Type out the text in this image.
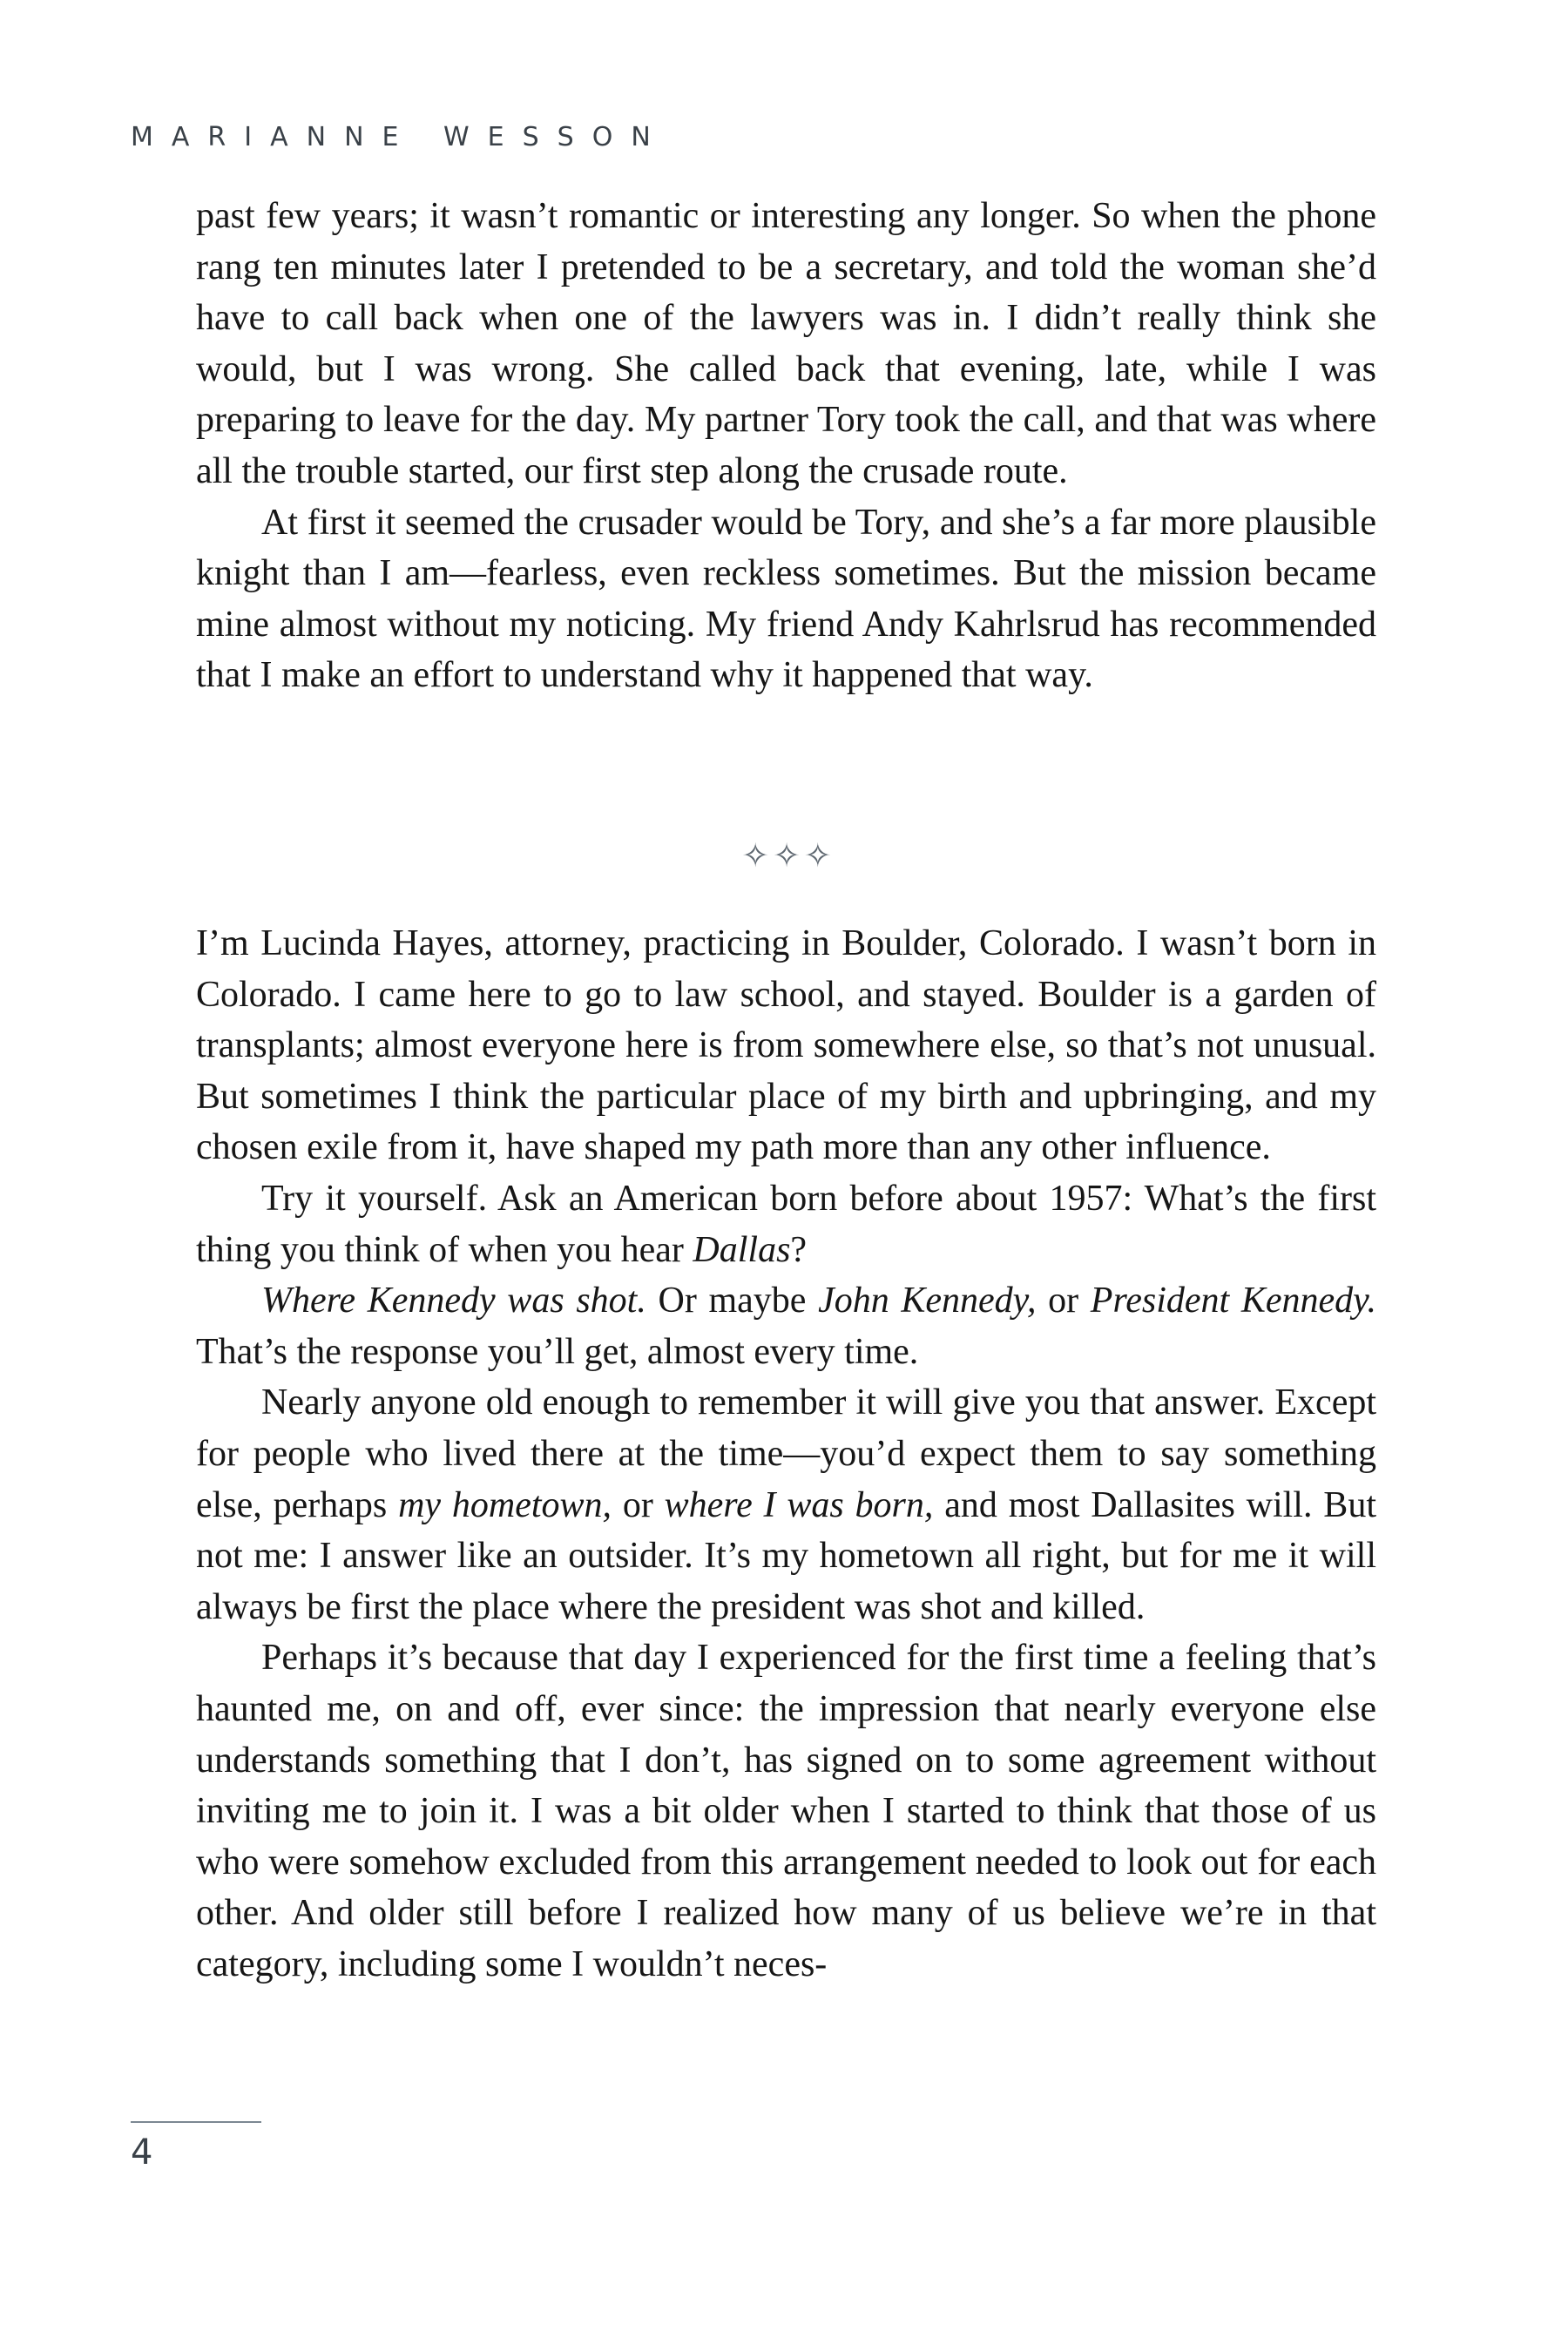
MARIANNE WESSON

past few years; it wasn’t romantic or interesting any longer. So when the phone rang ten minutes later I pretended to be a secretary, and told the woman she’d have to call back when one of the lawyers was in. I didn’t really think she would, but I was wrong. She called back that evening, late, while I was preparing to leave for the day. My partner Tory took the call, and that was where all the trouble started, our first step along the crusade route.

At first it seemed the crusader would be Tory, and she’s a far more plausible knight than I am—fearless, even reckless sometimes. But the mission became mine almost without my noticing. My friend Andy Kahrlsrud has recommended that I make an effort to understand why it happened that way.

✧✧✧

I’m Lucinda Hayes, attorney, practicing in Boulder, Colorado. I wasn’t born in Colorado. I came here to go to law school, and stayed. Boulder is a garden of transplants; almost everyone here is from somewhere else, so that’s not unusual. But sometimes I think the particular place of my birth and upbringing, and my chosen exile from it, have shaped my path more than any other influence.

Try it yourself. Ask an American born before about 1957: What’s the first thing you think of when you hear Dallas?

Where Kennedy was shot. Or maybe John Kennedy, or President Kennedy. That’s the response you’ll get, almost every time.

Nearly anyone old enough to remember it will give you that answer. Except for people who lived there at the time—you’d expect them to say something else, perhaps my hometown, or where I was born, and most Dallasites will. But not me: I answer like an outsider. It’s my hometown all right, but for me it will always be first the place where the president was shot and killed.

Perhaps it’s because that day I experienced for the first time a feeling that’s haunted me, on and off, ever since: the impression that nearly everyone else understands something that I don’t, has signed on to some agreement without inviting me to join it. I was a bit older when I started to think that those of us who were somehow excluded from this arrangement needed to look out for each other. And older still before I realized how many of us believe we’re in that category, including some I wouldn’t neces-

4
